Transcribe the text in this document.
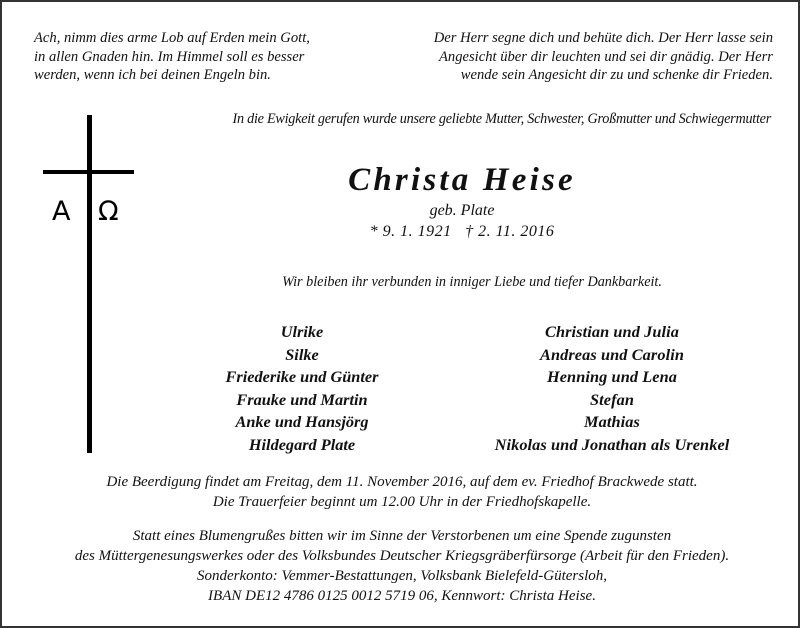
Ach, nimm dies arme Lob auf Erden mein Gott,
in allen Gnaden hin. Im Himmel soll es besser
werden, wenn ich bei deinen Engeln bin.
Der Herr segne dich und behüte dich. Der Herr lasse sein
Angesicht über dir leuchten und sei dir gnädig. Der Herr
wende sein Angesicht dir zu und schenke dir Frieden.
A Ω
In die Ewigkeit gerufen wurde unsere geliebte Mutter, Schwester, Großmutter und Schwiegermutter
Christa Heise
geb. Plate
* 9. 1. 1921   † 2. 11. 2016
Wir bleiben ihr verbunden in inniger Liebe und tiefer Dankbarkeit.
Ulrike
Silke
Friederike und Günter
Frauke und Martin
Anke und Hansjörg
Hildegard Plate
Christian und Julia
Andreas und Carolin
Henning und Lena
Stefan
Mathias
Nikolas und Jonathan als Urenkel
Die Beerdigung findet am Freitag, dem 11. November 2016, auf dem ev. Friedhof Brackwede statt.
Die Trauerfeier beginnt um 12.00 Uhr in der Friedhofskapelle.
Statt eines Blumengrußes bitten wir im Sinne der Verstorbenen um eine Spende zugunsten
des Müttergenesungswerkes oder des Volksbundes Deutscher Kriegsgräberfürsorge (Arbeit für den Frieden).
Sonderkonto: Vemmer-Bestattungen, Volksbank Bielefeld-Gütersloh,
IBAN DE12 4786 0125 0012 5719 06, Kennwort: Christa Heise.
